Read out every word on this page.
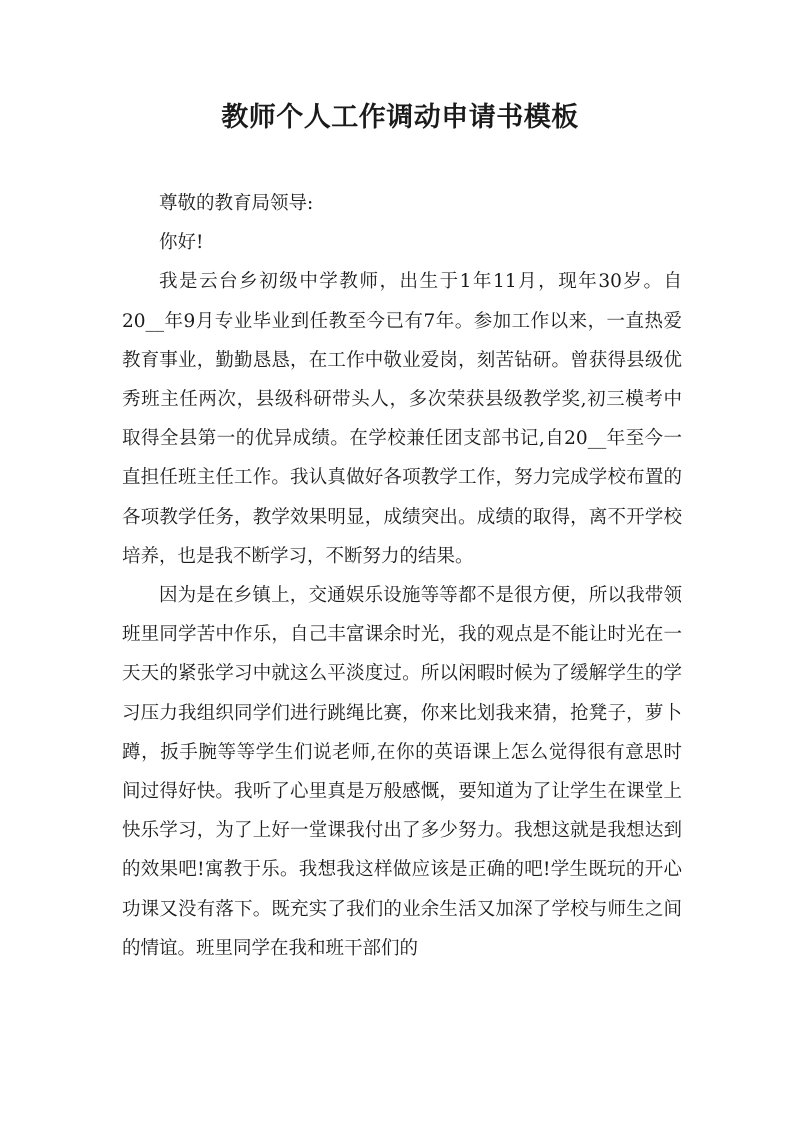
教师个人工作调动申请书模板

尊敬的教育局领导:

你好!

我是云台乡初级中学教师，出生于1年11月，现年30岁。自20__年9月专业毕业到任教至今已有7年。参加工作以来，一直热爱教育事业，勤勤恳恳，在工作中敬业爱岗，刻苦钻研。曾获得县级优秀班主任两次，县级科研带头人，多次荣获县级教学奖,初三模考中取得全县第一的优异成绩。在学校兼任团支部书记,自20__年至今一直担任班主任工作。我认真做好各项教学工作，努力完成学校布置的各项教学任务，教学效果明显，成绩突出。成绩的取得，离不开学校培养，也是我不断学习，不断努力的结果。

因为是在乡镇上，交通娱乐设施等等都不是很方便，所以我带领班里同学苦中作乐，自己丰富课余时光，我的观点是不能让时光在一天天的紧张学习中就这么平淡度过。所以闲暇时候为了缓解学生的学习压力我组织同学们进行跳绳比赛，你来比划我来猜，抢凳子，萝卜蹲，扳手腕等等学生们说老师,在你的英语课上怎么觉得很有意思时间过得好快。我听了心里真是万般感慨，要知道为了让学生在课堂上快乐学习，为了上好一堂课我付出了多少努力。我想这就是我想达到的效果吧!寓教于乐。我想我这样做应该是正确的吧!学生既玩的开心功课又没有落下。既充实了我们的业余生活又加深了学校与师生之间的情谊。班里同学在我和班干部们的
